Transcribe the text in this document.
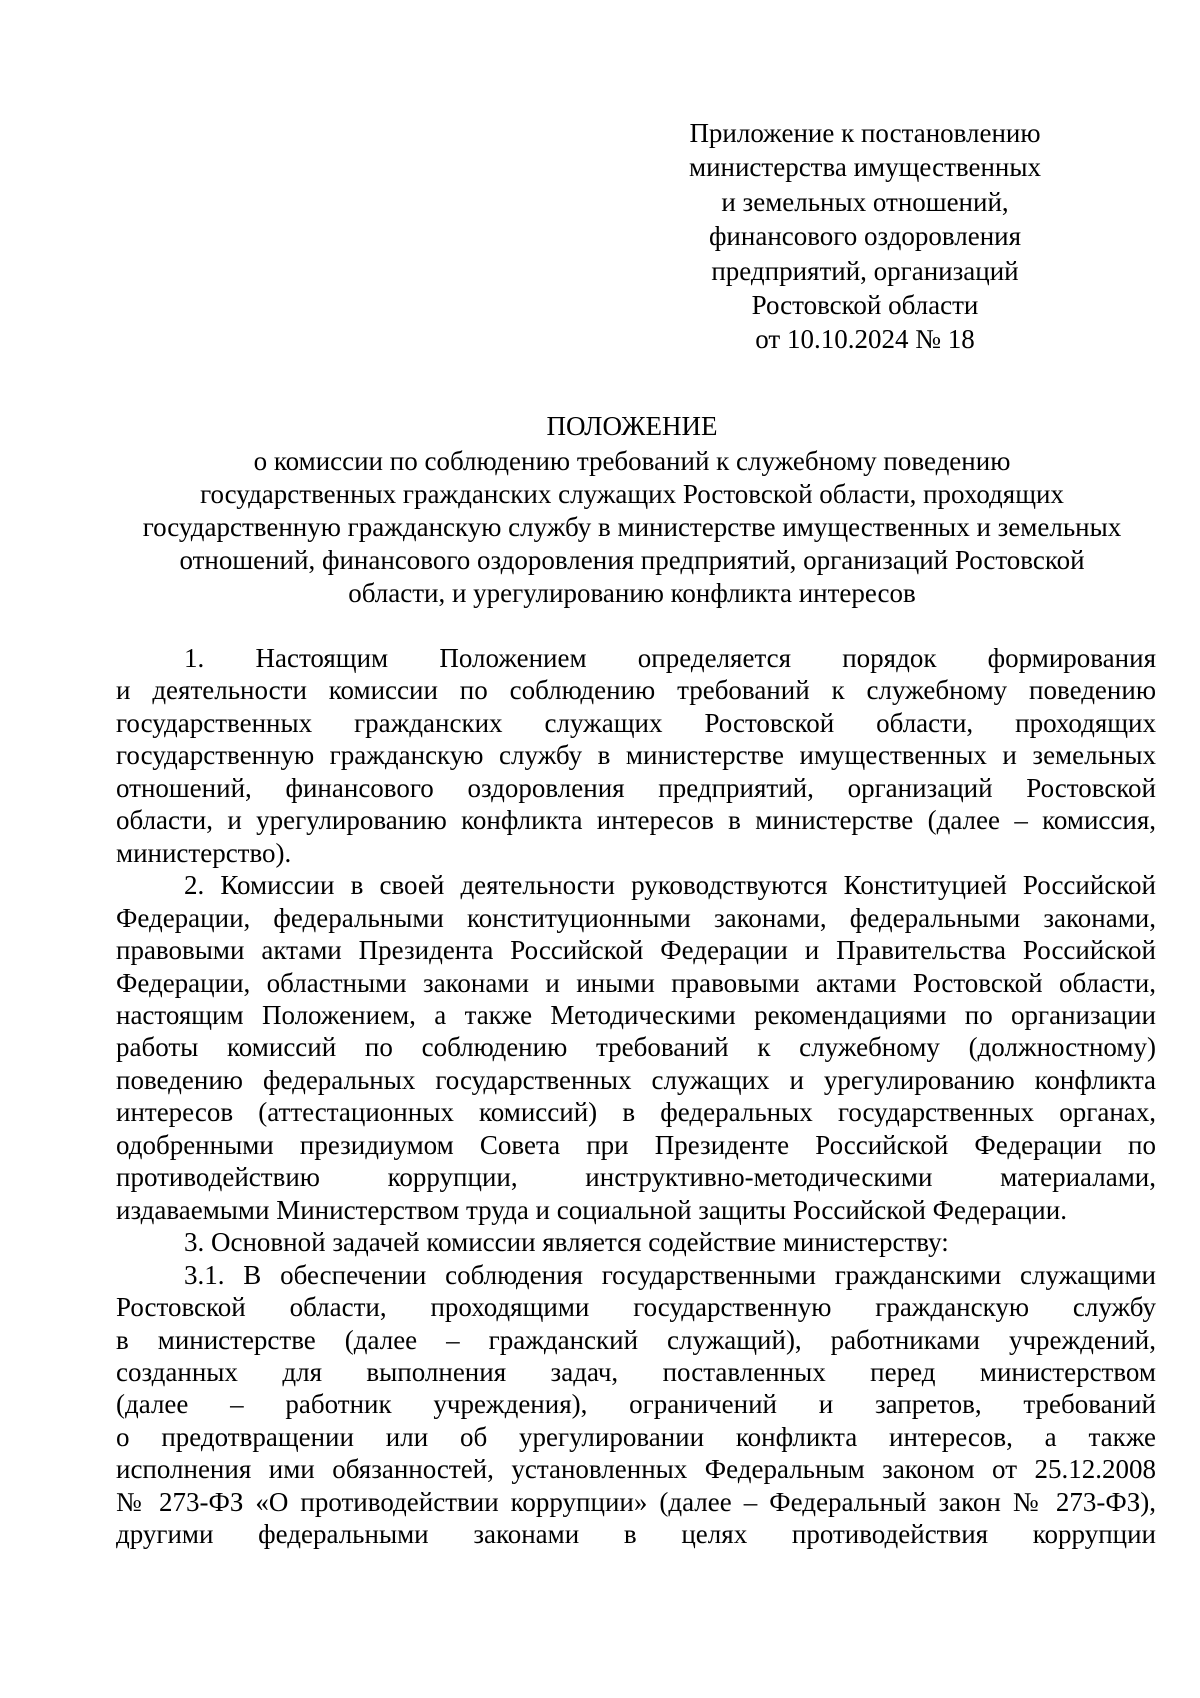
Приложение к постановлению
министерства имущественных
и земельных отношений,
финансового оздоровления
предприятий, организаций
Ростовской области
от 10.10.2024 № 18
ПОЛОЖЕНИЕ
о комиссии по соблюдению требований к служебному поведению
государственных гражданских служащих Ростовской области, проходящих
государственную гражданскую службу в министерстве имущественных и земельных
отношений, финансового оздоровления предприятий, организаций Ростовской
области, и урегулированию конфликта интересов
1. Настоящим Положением определяется порядок формирования
и деятельности комиссии по соблюдению требований к служебному поведению
государственных гражданских служащих Ростовской области, проходящих
государственную гражданскую службу в министерстве имущественных и земельных
отношений, финансового оздоровления предприятий, организаций Ростовской
области, и урегулированию конфликта интересов в министерстве (далее – комиссия,
министерство).
2. Комиссии в своей деятельности руководствуются Конституцией Российской
Федерации, федеральными конституционными законами, федеральными законами,
правовыми актами Президента Российской Федерации и Правительства Российской
Федерации, областными законами и иными правовыми актами Ростовской области,
настоящим Положением, а также Методическими рекомендациями по организации
работы комиссий по соблюдению требований к служебному (должностному)
поведению федеральных государственных служащих и урегулированию конфликта
интересов (аттестационных комиссий) в федеральных государственных органах,
одобренными президиумом Совета при Президенте Российской Федерации по
противодействию коррупции, инструктивно-методическими материалами,
издаваемыми Министерством труда и социальной защиты Российской Федерации.
3. Основной задачей комиссии является содействие министерству:
3.1. В обеспечении соблюдения государственными гражданскими служащими
Ростовской области, проходящими государственную гражданскую службу
в министерстве (далее – гражданский служащий), работниками учреждений,
созданных для выполнения задач, поставленных перед министерством
(далее – работник учреждения), ограничений и запретов, требований
о предотвращении или об урегулировании конфликта интересов, а также
исполнения ими обязанностей, установленных Федеральным законом от 25.12.2008
№ 273-ФЗ «О противодействии коррупции» (далее – Федеральный закон № 273-ФЗ),
другими федеральными законами в целях противодействия коррупции
